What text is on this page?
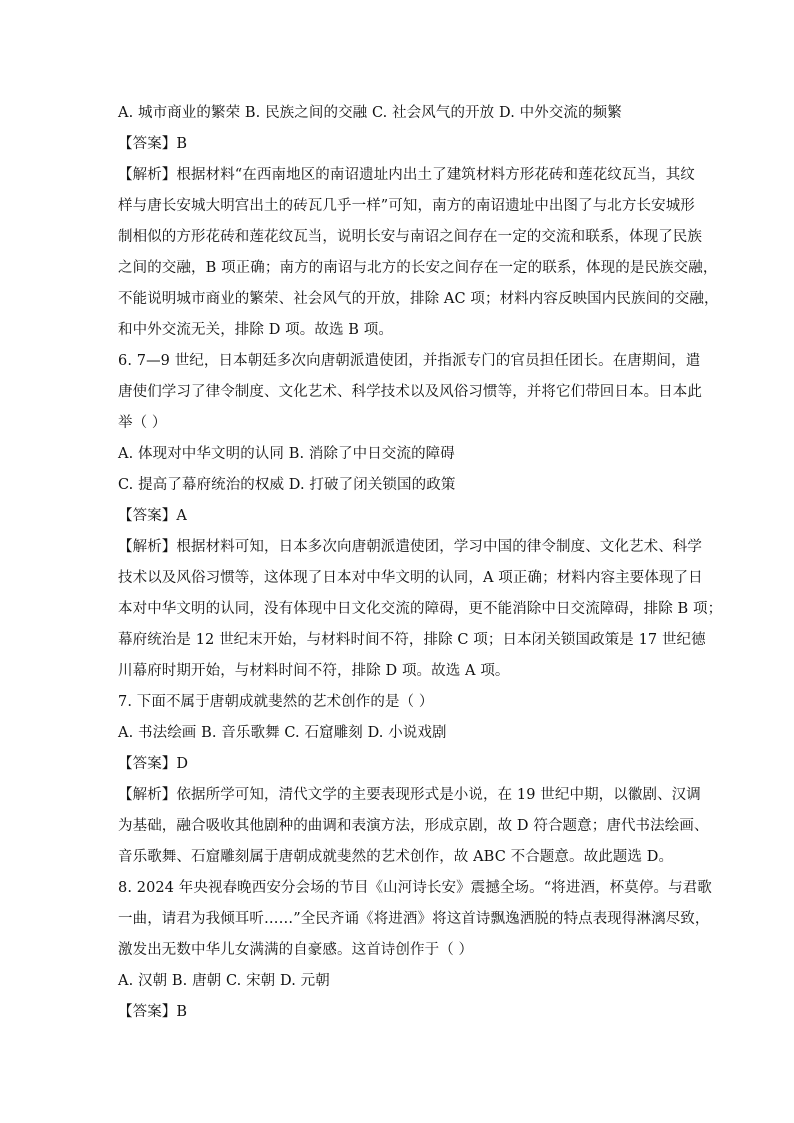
A. 城市商业的繁荣 B. 民族之间的交融 C. 社会风气的开放 D. 中外交流的频繁
【答案】B
【解析】根据材料“在西南地区的南诏遗址内出土了建筑材料方形花砖和莲花纹瓦当，其纹
样与唐长安城大明宫出土的砖瓦几乎一样”可知，南方的南诏遗址中出图了与北方长安城形
制相似的方形花砖和莲花纹瓦当，说明长安与南诏之间存在一定的交流和联系，体现了民族
之间的交融，B 项正确；南方的南诏与北方的长安之间存在一定的联系，体现的是民族交融，
不能说明城市商业的繁荣、社会风气的开放，排除 AC 项；材料内容反映国内民族间的交融，
和中外交流无关，排除 D 项。故选 B 项。
6. 7—9 世纪，日本朝廷多次向唐朝派遣使团，并指派专门的官员担任团长。在唐期间，遣
唐使们学习了律令制度、文化艺术、科学技术以及风俗习惯等，并将它们带回日本。日本此
举（ ）
A. 体现对中华文明的认同 B. 消除了中日交流的障碍
C. 提高了幕府统治的权威 D. 打破了闭关锁国的政策
【答案】A
【解析】根据材料可知，日本多次向唐朝派遣使团，学习中国的律令制度、文化艺术、科学
技术以及风俗习惯等，这体现了日本对中华文明的认同，A 项正确；材料内容主要体现了日
本对中华文明的认同，没有体现中日文化交流的障碍，更不能消除中日交流障碍，排除 B 项；
幕府统治是 12 世纪末开始，与材料时间不符，排除 C 项；日本闭关锁国政策是 17 世纪德
川幕府时期开始，与材料时间不符，排除 D 项。故选 A 项。
7. 下面不属于唐朝成就斐然的艺术创作的是（ ）
A. 书法绘画 B. 音乐歌舞 C. 石窟雕刻 D. 小说戏剧
【答案】D
【解析】依据所学可知，清代文学的主要表现形式是小说，在 19 世纪中期，以徽剧、汉调
为基础，融合吸收其他剧种的曲调和表演方法，形成京剧，故 D 符合题意；唐代书法绘画、
音乐歌舞、石窟雕刻属于唐朝成就斐然的艺术创作，故 ABC 不合题意。故此题选 D。
8. 2024 年央视春晚西安分会场的节目《山河诗长安》震撼全场。“将进酒，杯莫停。与君歌
一曲，请君为我倾耳听……”全民齐诵《将进酒》将这首诗飘逸洒脱的特点表现得淋漓尽致，
激发出无数中华儿女满满的自豪感。这首诗创作于（ ）
A. 汉朝 B. 唐朝 C. 宋朝 D. 元朝
【答案】B
